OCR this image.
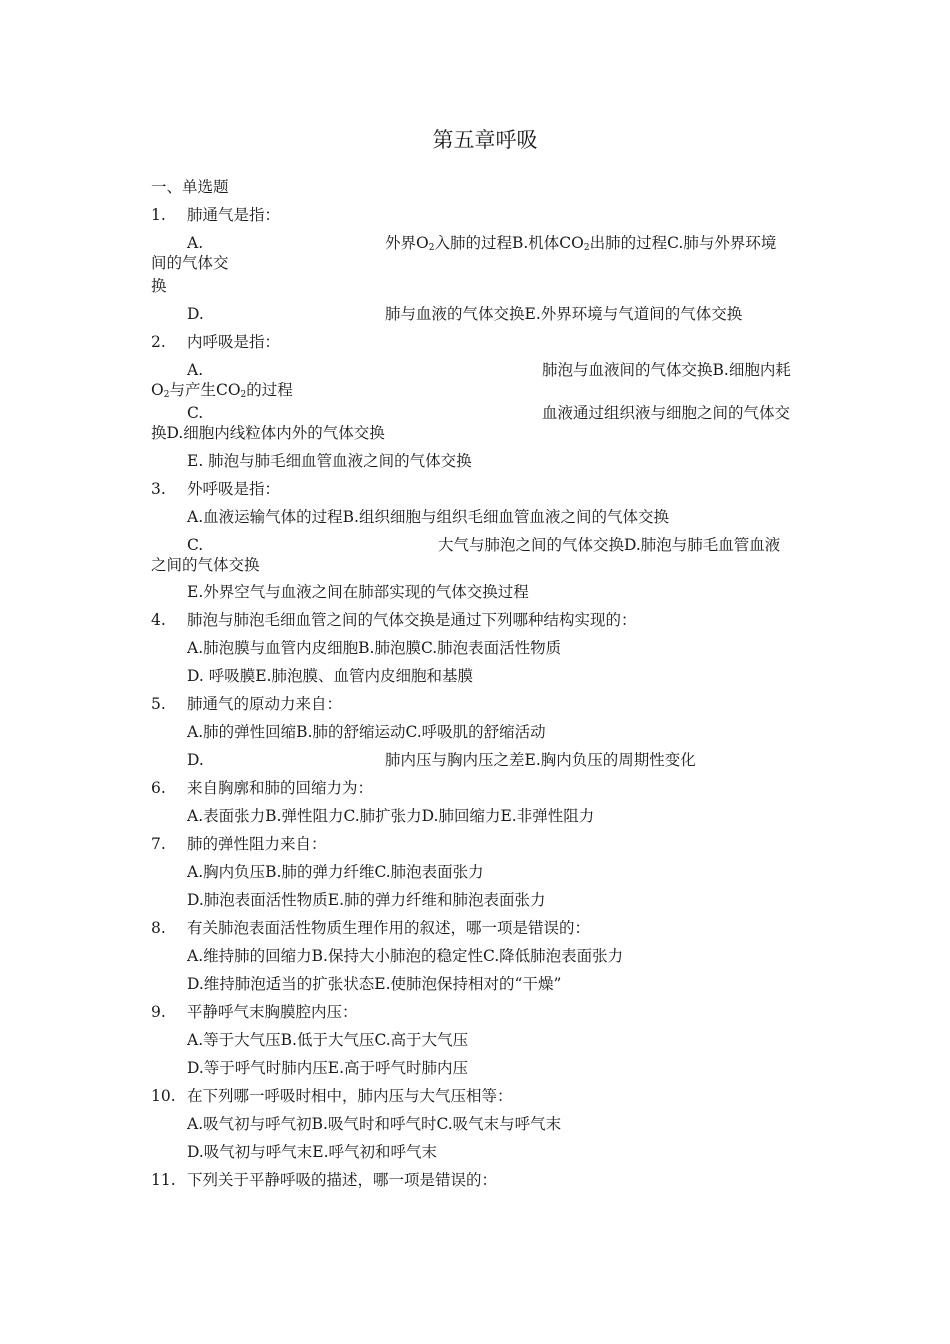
第五章呼吸
一、单选题
1. 肺通气是指：
A.	外界$O_2$入肺的过程B.机体$CO_2$出肺的过程C.肺与外界环境
间的气体交
换
D.	肺与血液的气体交换E.外界环境与气道间的气体交换
2. 内呼吸是指：
A.	肺泡与血液间的气体交换B.细胞内耗
$O_2$与产生$CO_2$的过程
C.	血液通过组织液与细胞之间的气体交
换D.细胞内线粒体内外的气体交换
E. 肺泡与肺毛细血管血液之间的气体交换
3. 外呼吸是指：
A.血液运输气体的过程B.组织细胞与组织毛细血管血液之间的气体交换
C.	大气与肺泡之间的气体交换D.肺泡与肺毛血管血液
之间的气体交换
E.外界空气与血液之间在肺部实现的气体交换过程
4. 肺泡与肺泡毛细血管之间的气体交换是通过下列哪种结构实现的：
A.肺泡膜与血管内皮细胞B.肺泡膜C.肺泡表面活性物质
D. 呼吸膜E.肺泡膜、血管内皮细胞和基膜
5. 肺通气的原动力来自：
A.肺的弹性回缩B.肺的舒缩运动C.呼吸肌的舒缩活动
D.	肺内压与胸内压之差E.胸内负压的周期性变化
6. 来自胸廓和肺的回缩力为：
A.表面张力B.弹性阻力C.肺扩张力D.肺回缩力E.非弹性阻力
7. 肺的弹性阻力来自：
A.胸内负压B.肺的弹力纤维C.肺泡表面张力
D.肺泡表面活性物质E.肺的弹力纤维和肺泡表面张力
8. 有关肺泡表面活性物质生理作用的叙述，哪一项是错误的：
A.维持肺的回缩力B.保持大小肺泡的稳定性C.降低肺泡表面张力
D.维持肺泡适当的扩张状态E.使肺泡保持相对的“干燥”
9. 平静呼气末胸膜腔内压：
A.等于大气压B.低于大气压C.高于大气压
D.等于呼气时肺内压E.高于呼气时肺内压
10. 在下列哪一呼吸时相中，肺内压与大气压相等：
A.吸气初与呼气初B.吸气时和呼气时C.吸气末与呼气末
D.吸气初与呼气末E.呼气初和呼气末
11. 下列关于平静呼吸的描述，哪一项是错误的：
